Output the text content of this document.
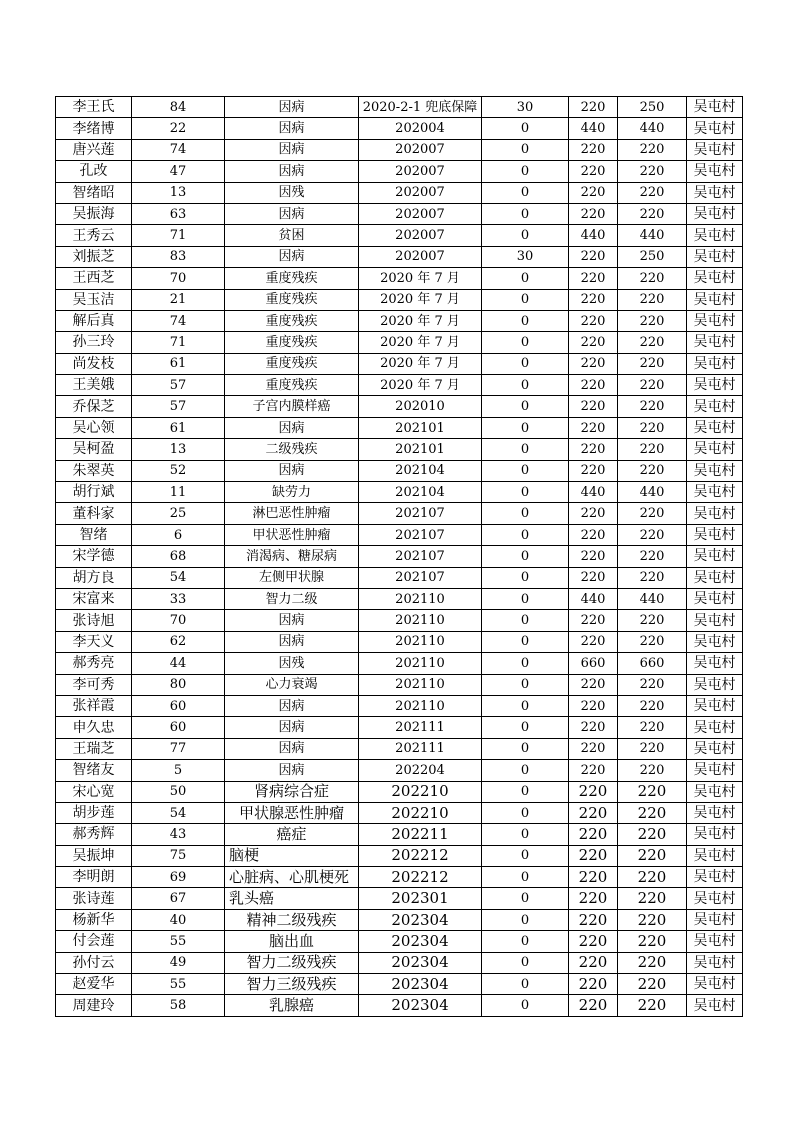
李王氏	84	因病	2020-2-1 兜底保障	30	220	250	吴屯村
李绪博	22	因病	202004	0	440	440	吴屯村
唐兴莲	74	因病	202007	0	220	220	吴屯村
孔改	47	因病	202007	0	220	220	吴屯村
智绪昭	13	因残	202007	0	220	220	吴屯村
吴振海	63	因病	202007	0	220	220	吴屯村
王秀云	71	贫困	202007	0	440	440	吴屯村
刘振芝	83	因病	202007	30	220	250	吴屯村
王西芝	70	重度残疾	2020 年 7 月	0	220	220	吴屯村
吴玉洁	21	重度残疾	2020 年 7 月	0	220	220	吴屯村
解后真	74	重度残疾	2020 年 7 月	0	220	220	吴屯村
孙三玲	71	重度残疾	2020 年 7 月	0	220	220	吴屯村
尚发枝	61	重度残疾	2020 年 7 月	0	220	220	吴屯村
王美娥	57	重度残疾	2020 年 7 月	0	220	220	吴屯村
乔保芝	57	子宫内膜样癌	202010	0	220	220	吴屯村
吴心领	61	因病	202101	0	220	220	吴屯村
吴柯盈	13	二级残疾	202101	0	220	220	吴屯村
朱翠英	52	因病	202104	0	220	220	吴屯村
胡行斌	11	缺劳力	202104	0	440	440	吴屯村
董科家	25	淋巴恶性肿瘤	202107	0	220	220	吴屯村
智绪	6	甲状恶性肿瘤	202107	0	220	220	吴屯村
宋学德	68	消渴病、糖尿病	202107	0	220	220	吴屯村
胡方良	54	左侧甲状腺	202107	0	220	220	吴屯村
宋富来	33	智力二级	202110	0	440	440	吴屯村
张诗旭	70	因病	202110	0	220	220	吴屯村
李天义	62	因病	202110	0	220	220	吴屯村
郝秀亮	44	因残	202110	0	660	660	吴屯村
李可秀	80	心力衰竭	202110	0	220	220	吴屯村
张祥霞	60	因病	202110	0	220	220	吴屯村
申久忠	60	因病	202111	0	220	220	吴屯村
王瑞芝	77	因病	202111	0	220	220	吴屯村
智绪友	5	因病	202204	0	220	220	吴屯村
宋心宽	50	肾病综合症	202210	0	220	220	吴屯村
胡步莲	54	甲状腺恶性肿瘤	202210	0	220	220	吴屯村
郝秀辉	43	癌症	202211	0	220	220	吴屯村
吴振坤	75	脑梗	202212	0	220	220	吴屯村
李明朗	69	心脏病、心肌梗死	202212	0	220	220	吴屯村
张诗莲	67	乳头癌	202301	0	220	220	吴屯村
杨新华	40	精神二级残疾	202304	0	220	220	吴屯村
付会莲	55	脑出血	202304	0	220	220	吴屯村
孙付云	49	智力二级残疾	202304	0	220	220	吴屯村
赵爱华	55	智力三级残疾	202304	0	220	220	吴屯村
周建玲	58	乳腺癌	202304	0	220	220	吴屯村
